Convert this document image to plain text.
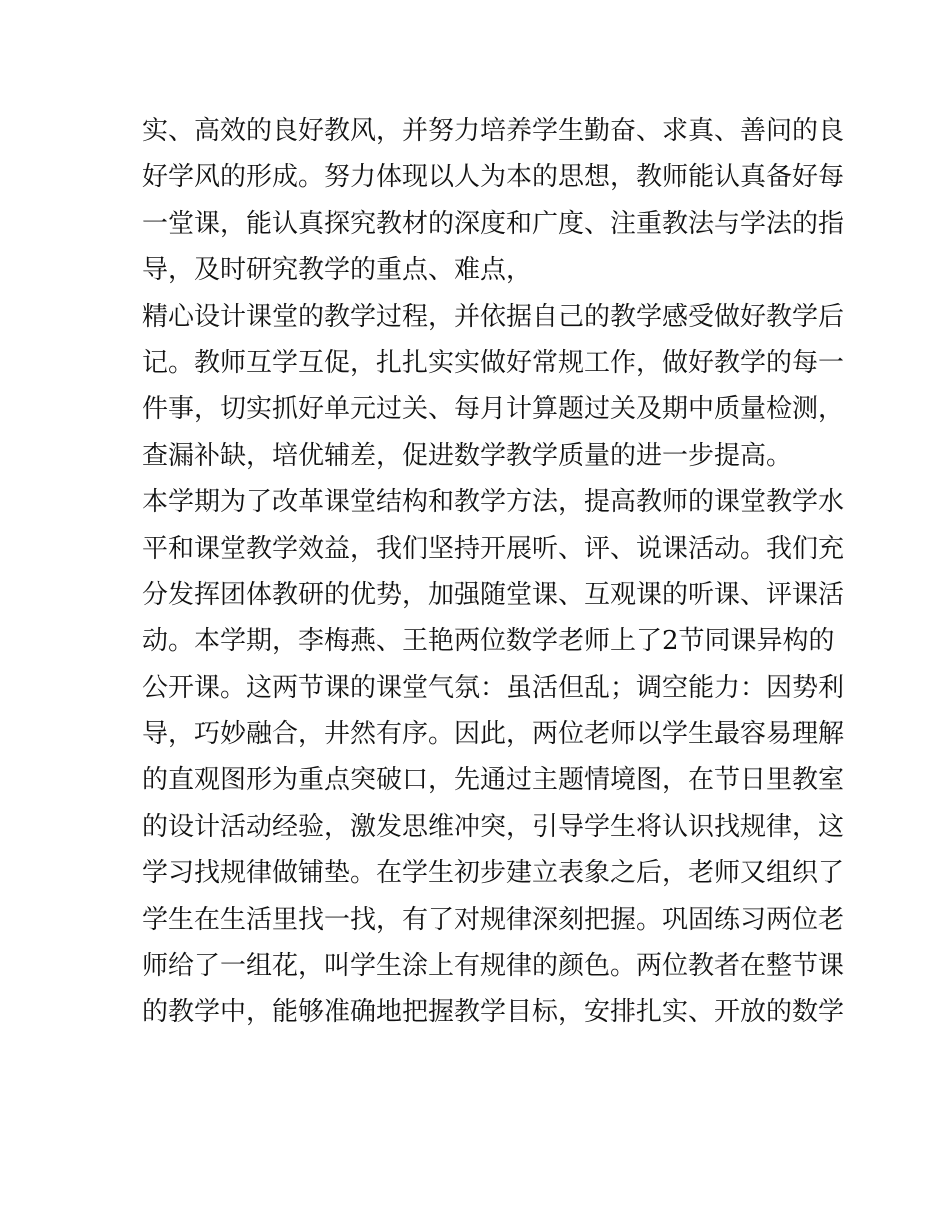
实、高效的良好教风，并努力培养学生勤奋、求真、善问的良
好学风的形成。努力体现以人为本的思想，教师能认真备好每
一堂课，能认真探究教材的深度和广度、注重教法与学法的指
导，及时研究教学的重点、难点，
精心设计课堂的教学过程，并依据自己的教学感受做好教学后
记。教师互学互促，扎扎实实做好常规工作，做好教学的每一
件事，切实抓好单元过关、每月计算题过关及期中质量检测，
查漏补缺，培优辅差，促进数学教学质量的进一步提高。
本学期为了改革课堂结构和教学方法，提高教师的课堂教学水
平和课堂教学效益，我们坚持开展听、评、说课活动。我们充
分发挥团体教研的优势，加强随堂课、互观课的听课、评课活
动。本学期，李梅燕、王艳两位数学老师上了2节同课异构的
公开课。这两节课的课堂气氛：虽活但乱；调空能力：因势利
导，巧妙融合，井然有序。因此，两位老师以学生最容易理解
的直观图形为重点突破口，先通过主题情境图，在节日里教室
的设计活动经验，激发思维冲突，引导学生将认识找规律，这
学习找规律做铺垫。在学生初步建立表象之后，老师又组织了
学生在生活里找一找，有了对规律深刻把握。巩固练习两位老
师给了一组花，叫学生涂上有规律的颜色。两位教者在整节课
的教学中，能够准确地把握教学目标，安排扎实、开放的数学
